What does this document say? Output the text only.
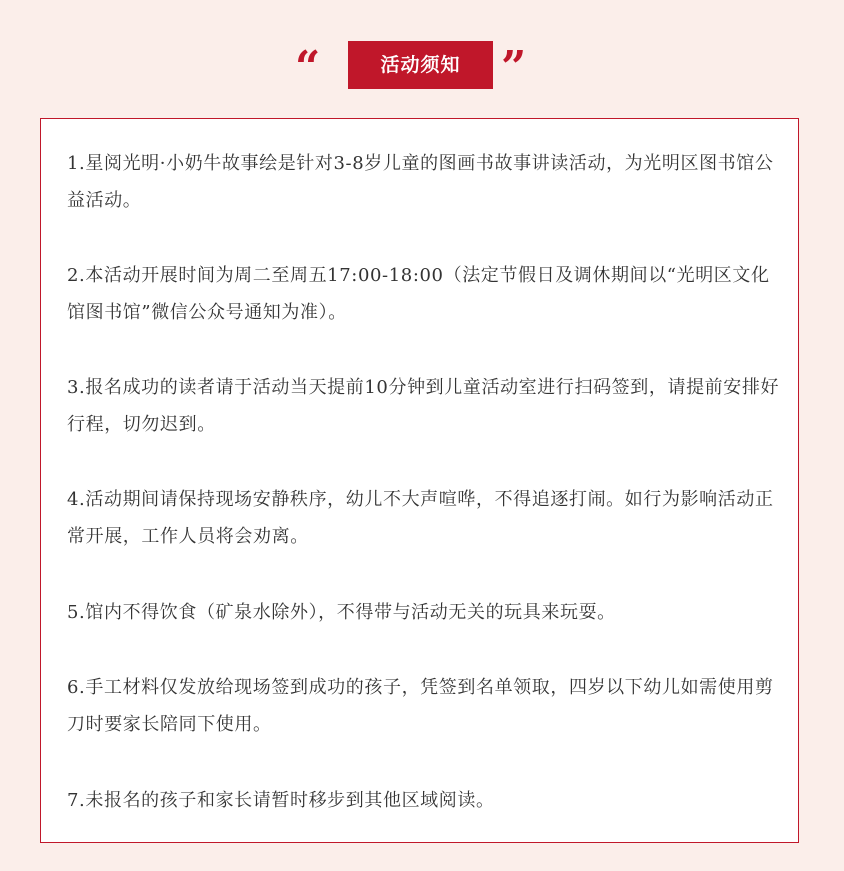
“	活动须知 ”

1.星阅光明·小奶牛故事绘是针对3-8岁儿童的图画书故事讲读活动，为光明区图书馆公益活动。

2.本活动开展时间为周二至周五17:00-18:00（法定节假日及调休期间以“光明区文化馆图书馆”微信公众号通知为准）。

3.报名成功的读者请于活动当天提前10分钟到儿童活动室进行扫码签到，请提前安排好行程，切勿迟到。

4.活动期间请保持现场安静秩序，幼儿不大声喧哗，不得追逐打闹。如行为影响活动正常开展，工作人员将会劝离。

5.馆内不得饮食（矿泉水除外），不得带与活动无关的玩具来玩耍。

6.手工材料仅发放给现场签到成功的孩子，凭签到名单领取，四岁以下幼儿如需使用剪刀时要家长陪同下使用。

7.未报名的孩子和家长请暂时移步到其他区域阅读。
